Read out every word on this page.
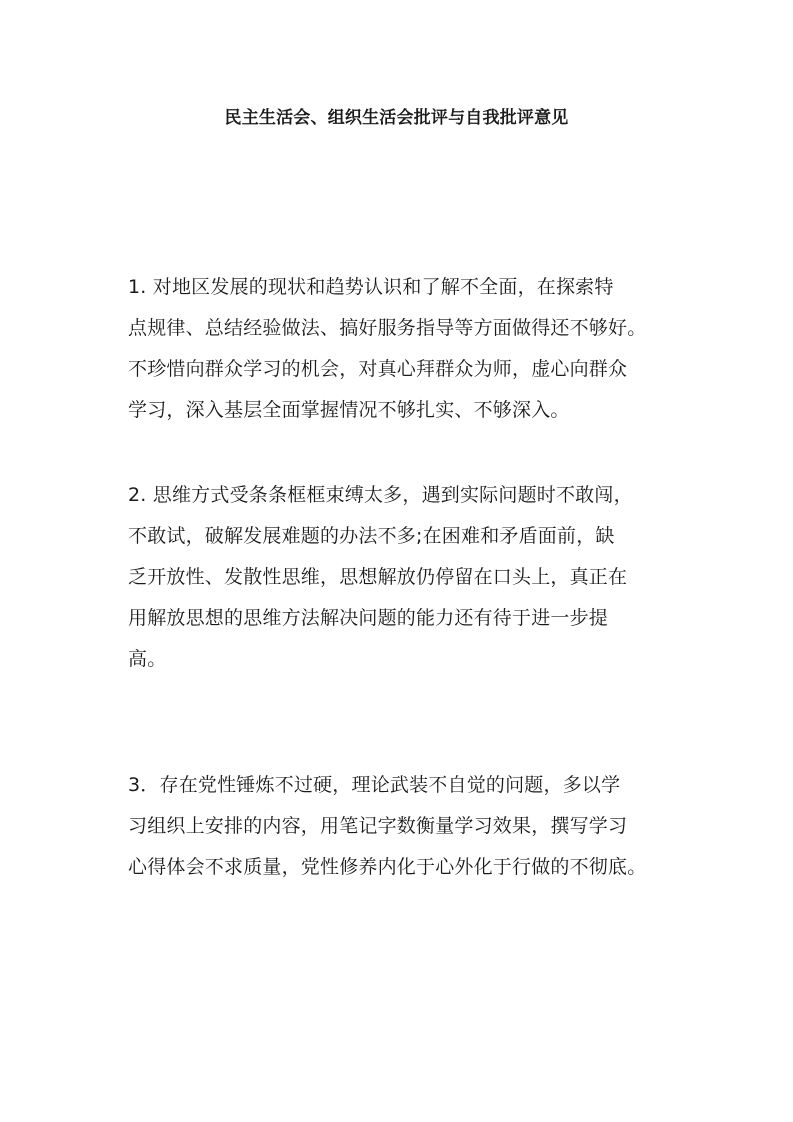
民主生活会、组织生活会批评与自我批评意见

1. 对地区发展的现状和趋势认识和了解不全面，在探索特
点规律、总结经验做法、搞好服务指导等方面做得还不够好。
不珍惜向群众学习的机会，对真心拜群众为师，虚心向群众
学习，深入基层全面掌握情况不够扎实、不够深入。

2. 思维方式受条条框框束缚太多，遇到实际问题时不敢闯，
不敢试，破解发展难题的办法不多;在困难和矛盾面前，缺
乏开放性、发散性思维，思想解放仍停留在口头上，真正在
用解放思想的思维方法解决问题的能力还有待于进一步提
高。

3．存在党性锤炼不过硬，理论武装不自觉的问题，多以学
习组织上安排的内容，用笔记字数衡量学习效果，撰写学习
心得体会不求质量，党性修养内化于心外化于行做的不彻底。
